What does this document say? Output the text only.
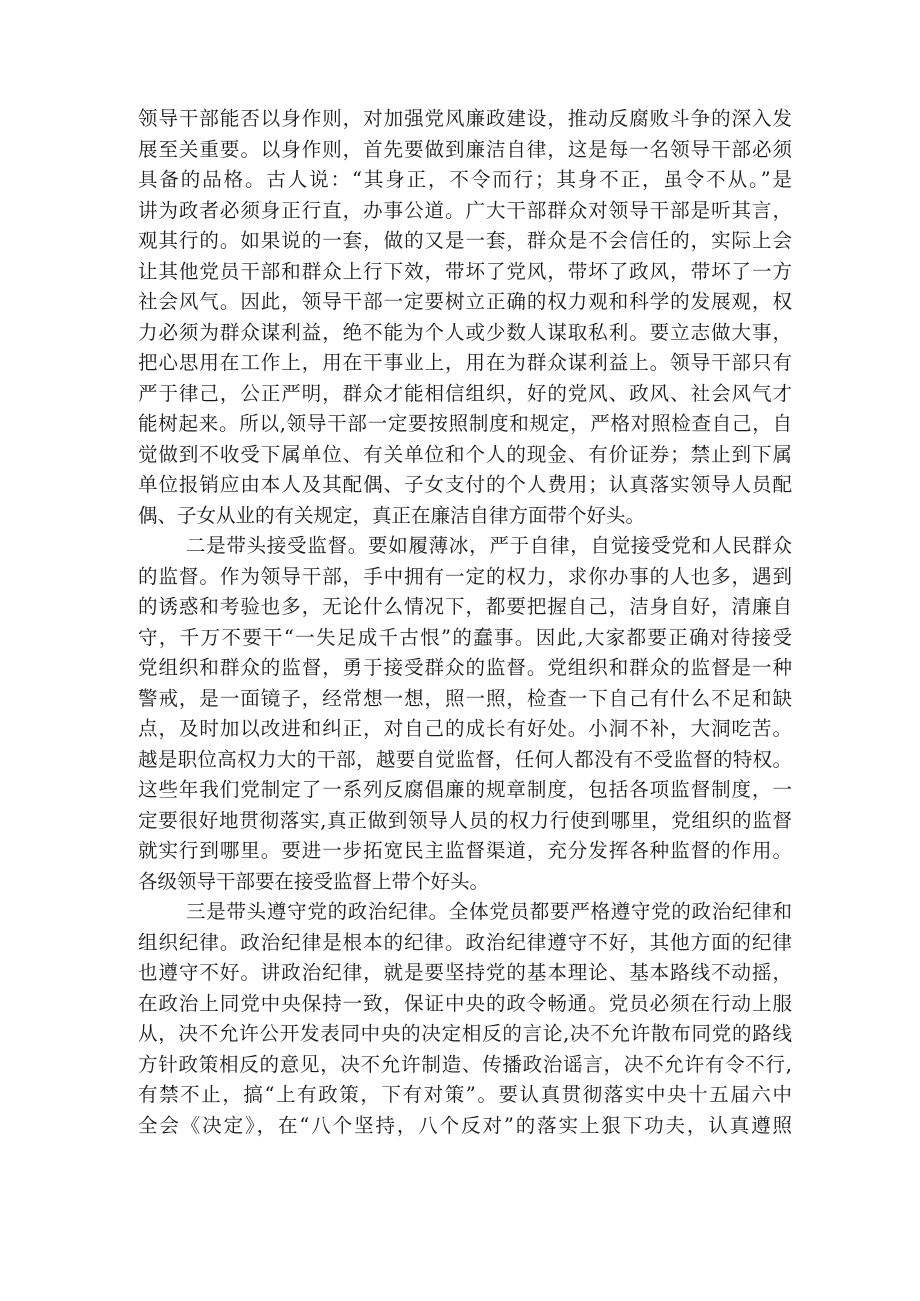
领导干部能否以身作则，对加强党风廉政建设，推动反腐败斗争的深入发
展至关重要。以身作则，首先要做到廉洁自律，这是每一名领导干部必须
具备的品格。古人说：“其身正，不令而行；其身不正，虽令不从。”是
讲为政者必须身正行直，办事公道。广大干部群众对领导干部是听其言，
观其行的。如果说的一套，做的又是一套，群众是不会信任的，实际上会
让其他党员干部和群众上行下效，带坏了党风，带坏了政风，带坏了一方
社会风气。因此，领导干部一定要树立正确的权力观和科学的发展观，权
力必须为群众谋利益，绝不能为个人或少数人谋取私利。要立志做大事，
把心思用在工作上，用在干事业上，用在为群众谋利益上。领导干部只有
严于律己，公正严明，群众才能相信组织，好的党风、政风、社会风气才
能树起来。所以,领导干部一定要按照制度和规定，严格对照检查自己，自
觉做到不收受下属单位、有关单位和个人的现金、有价证券；禁止到下属
单位报销应由本人及其配偶、子女支付的个人费用；认真落实领导人员配
偶、子女从业的有关规定，真正在廉洁自律方面带个好头。
二是带头接受监督。要如履薄冰，严于自律，自觉接受党和人民群众
的监督。作为领导干部，手中拥有一定的权力，求你办事的人也多，遇到
的诱惑和考验也多，无论什么情况下，都要把握自己，洁身自好，清廉自
守，千万不要干“一失足成千古恨”的蠢事。因此,大家都要正确对待接受
党组织和群众的监督，勇于接受群众的监督。党组织和群众的监督是一种
警戒，是一面镜子，经常想一想，照一照，检查一下自己有什么不足和缺
点，及时加以改进和纠正，对自己的成长有好处。小洞不补，大洞吃苦。
越是职位高权力大的干部，越要自觉监督，任何人都没有不受监督的特权。
这些年我们党制定了一系列反腐倡廉的规章制度，包括各项监督制度，一
定要很好地贯彻落实,真正做到领导人员的权力行使到哪里，党组织的监督
就实行到哪里。要进一步拓宽民主监督渠道，充分发挥各种监督的作用。
各级领导干部要在接受监督上带个好头。
三是带头遵守党的政治纪律。全体党员都要严格遵守党的政治纪律和
组织纪律。政治纪律是根本的纪律。政治纪律遵守不好，其他方面的纪律
也遵守不好。讲政治纪律，就是要坚持党的基本理论、基本路线不动摇，
在政治上同党中央保持一致，保证中央的政令畅通。党员必须在行动上服
从，决不允许公开发表同中央的决定相反的言论,决不允许散布同党的路线
方针政策相反的意见，决不允许制造、传播政治谣言，决不允许有令不行,
有禁不止，搞“上有政策，下有对策”。要认真贯彻落实中央十五届六中
全会《决定》，在“八个坚持，八个反对”的落实上狠下功夫，认真遵照
